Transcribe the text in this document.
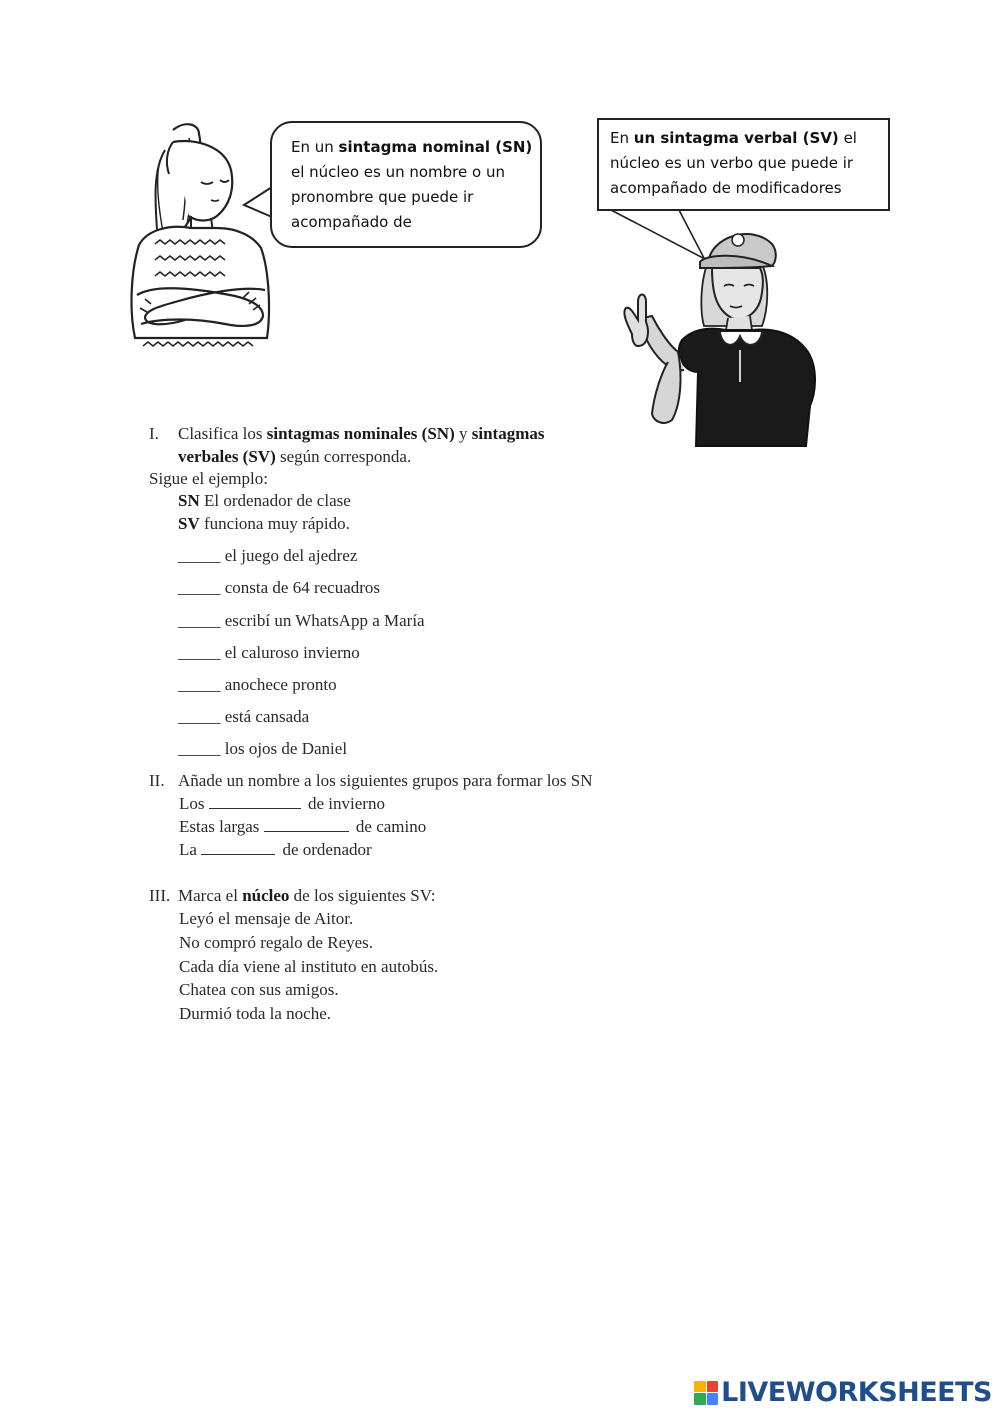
En un sintagma nominal (SN)
el núcleo es un nombre o un
pronombre que puede ir
acompañado de
En un sintagma verbal (SV) el
núcleo es un verbo que puede ir
acompañado de modificadores
I. Clasifica los sintagmas nominales (SN) y sintagmas
verbales (SV) según corresponda.
Sigue el ejemplo:
SN El ordenador de clase
SV funciona muy rápido.
_____ el juego del ajedrez
_____ consta de 64 recuadros
_____ escribí un WhatsApp a María
_____ el caluroso invierno
_____ anochece pronto
_____ está cansada
_____ los ojos de Daniel
II. Añade un nombre a los siguientes grupos para formar los SN
Los	de invierno
Estas largas	de camino
La	de ordenador
III. Marca el núcleo de los siguientes SV:
Leyó el mensaje de Aitor.
No compró regalo de Reyes.
Cada día viene al instituto en autobús.
Chatea con sus amigos.
Durmió toda la noche.
LIVEWORKSHEETS
